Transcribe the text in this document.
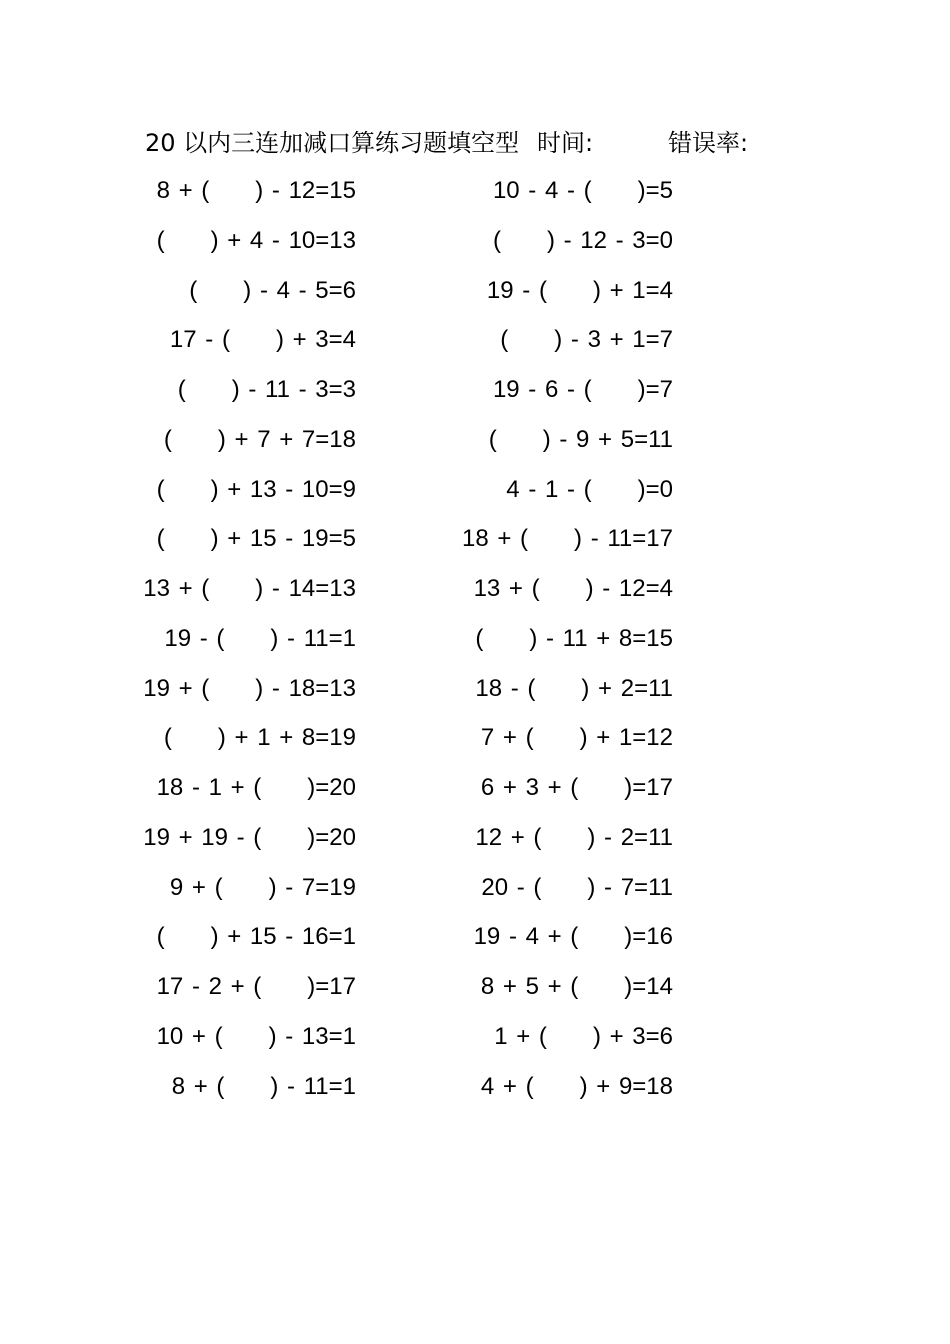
20 以内三连加减口算练习题填空型 时间:	错误率:
8 + ( ) - 12=15
( ) + 4 - 10=13
( ) - 4 - 5=6
17 - ( ) + 3=4
( ) - 11 - 3=3
( ) + 7 + 7=18
( ) + 13 - 10=9
( ) + 15 - 19=5
13 + ( ) - 14=13
19 - ( ) - 11=1
19 + ( ) - 18=13
( ) + 1 + 8=19
18 - 1 + ( )=20
19 + 19 - ( )=20
9 + ( ) - 7=19
( ) + 15 - 16=1
17 - 2 + ( )=17
10 + ( ) - 13=1
8 + ( ) - 11=1
10 - 4 - ( )=5
( ) - 12 - 3=0
19 - ( ) + 1=4
( ) - 3 + 1=7
19 - 6 - ( )=7
( ) - 9 + 5=11
4 - 1 - ( )=0
18 + ( ) - 11=17
13 + ( ) - 12=4
( ) - 11 + 8=15
18 - ( ) + 2=11
7 + ( ) + 1=12
6 + 3 + ( )=17
12 + ( ) - 2=11
20 - ( ) - 7=11
19 - 4 + ( )=16
8 + 5 + ( )=14
1 + ( ) + 3=6
4 + ( ) + 9=18
